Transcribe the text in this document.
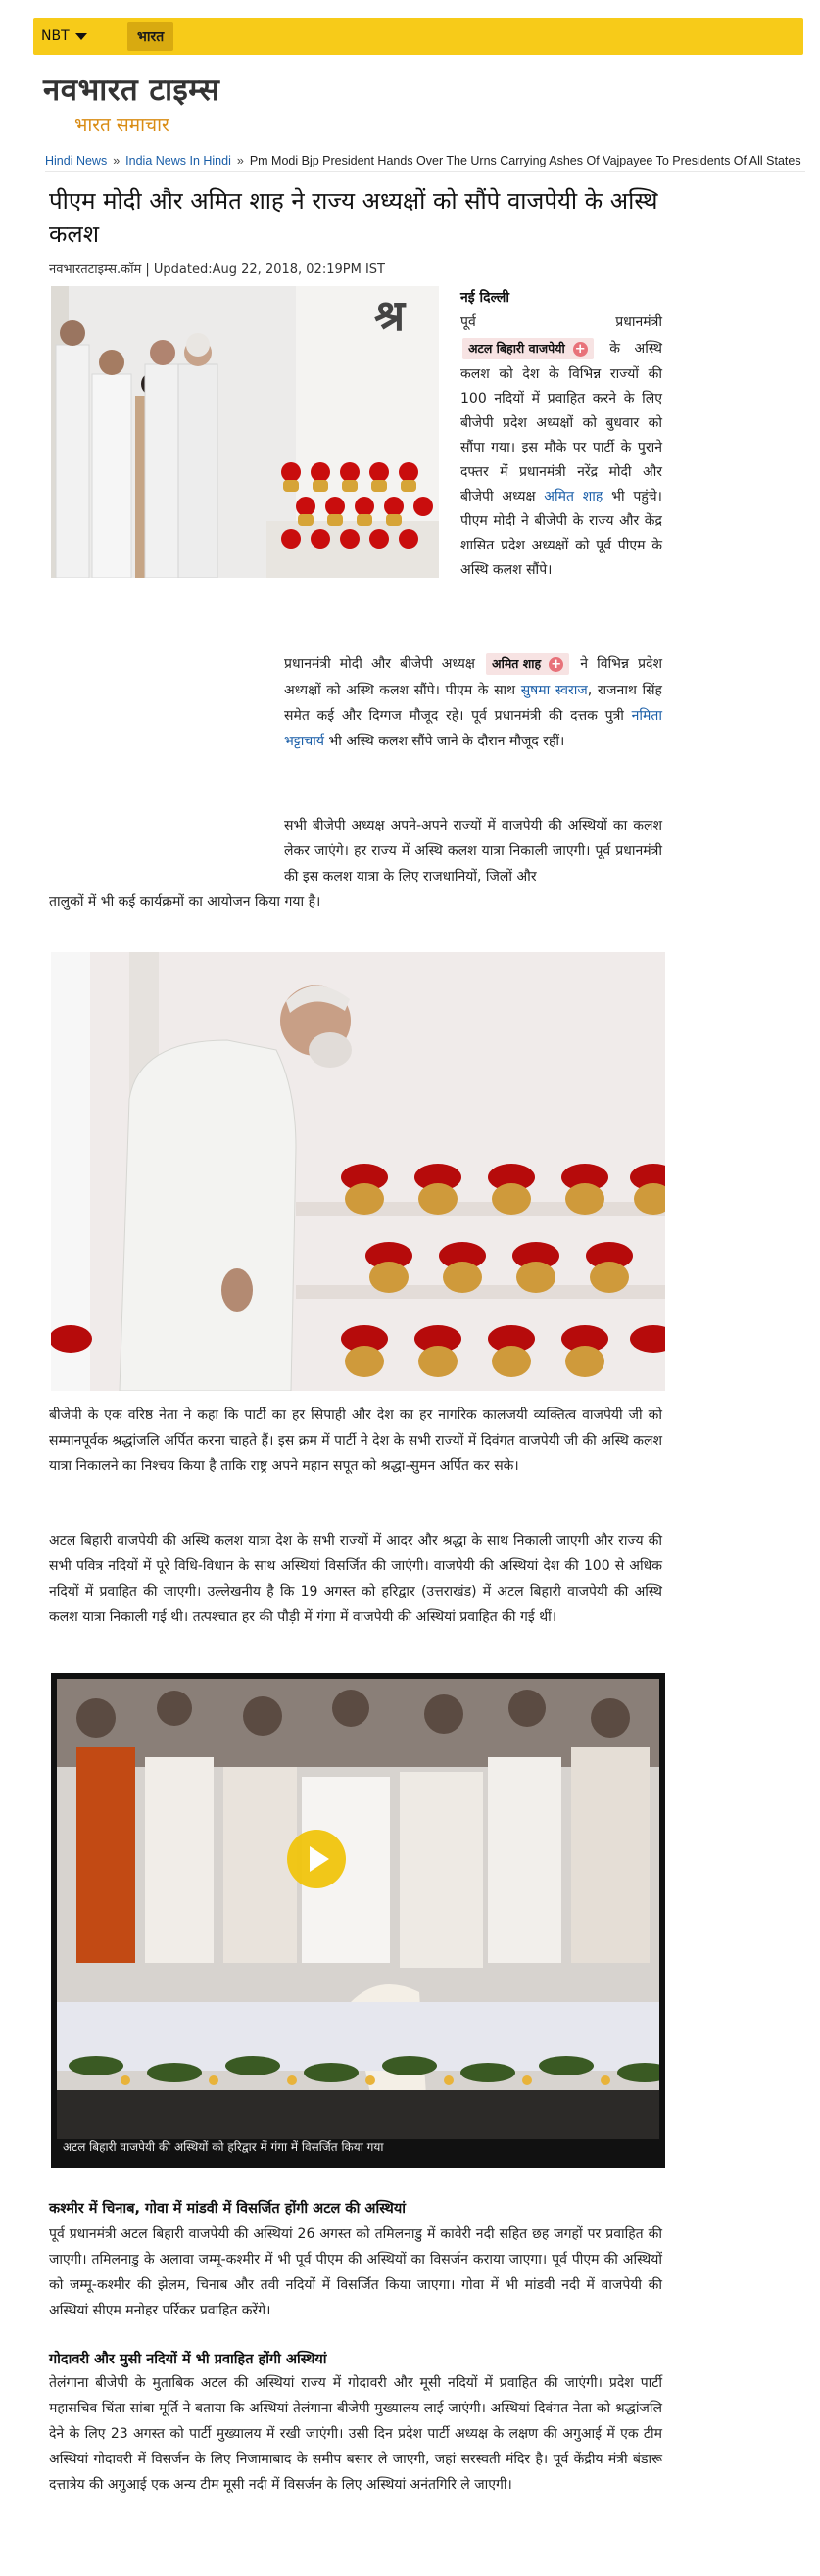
NBT	भारत
नवभारत टाइम्स
भारत समाचार
Hindi News » India News In Hindi » Pm Modi Bjp President Hands Over The Urns Carrying Ashes Of Vajpayee To Presidents Of All States
पीएम मोदी और अमित शाह ने राज्य अध्यक्षों को सौंपे वाजपेयी के अस्थि कलश
नवभारतटाइम्स.कॉम | Updated:Aug 22, 2018, 02:19PM IST
श्र	नई दिल्ली
पूर्व प्रधानमंत्री अटल बिहारी वाजपेयी + के अस्थि कलश को देश के विभिन्न राज्यों की 100 नदियों में प्रवाहित करने के लिए बीजेपी प्रदेश अध्यक्षों को बुधवार को सौंपा गया। इस मौके पर पार्टी के पुराने दफ्तर में प्रधानमंत्री नरेंद्र मोदी और बीजेपी अध्यक्ष अमित शाह भी पहुंचे। पीएम मोदी ने बीजेपी के राज्य और केंद्र शासित प्रदेश अध्यक्षों को पूर्व पीएम के अस्थि कलश सौंपे।
प्रधानमंत्री मोदी और बीजेपी अध्यक्ष अमित शाह + ने विभिन्न प्रदेश अध्यक्षों को अस्थि कलश सौंपे। पीएम के साथ सुषमा स्वराज, राजनाथ सिंह समेत कई और दिग्गज मौजूद रहे। पूर्व प्रधानमंत्री की दत्तक पुत्री नमिता भट्टाचार्य भी अस्थि कलश सौंपे जाने के दौरान मौजूद रहीं।
सभी बीजेपी अध्यक्ष अपने-अपने राज्यों में वाजपेयी की अस्थियों का कलश लेकर जाएंगे। हर राज्य में अस्थि कलश यात्रा निकाली जाएगी। पूर्व प्रधानमंत्री की इस कलश यात्रा के लिए राजधानियों, जिलों और
तालुकों में भी कई कार्यक्रमों का आयोजन किया गया है।
बीजेपी के एक वरिष्ठ नेता ने कहा कि पार्टी का हर सिपाही और देश का हर नागरिक कालजयी व्यक्तित्व वाजपेयी जी को सम्मानपूर्वक श्रद्धांजलि अर्पित करना चाहते हैं। इस क्रम में पार्टी ने देश के सभी राज्यों में दिवंगत वाजपेयी जी की अस्थि कलश यात्रा निकालने का निश्चय किया है ताकि राष्ट्र अपने महान सपूत को श्रद्धा-सुमन अर्पित कर सके।
अटल बिहारी वाजपेयी की अस्थि कलश यात्रा देश के सभी राज्यों में आदर और श्रद्धा के साथ निकाली जाएगी और राज्य की सभी पवित्र नदियों में पूरे विधि-विधान के साथ अस्थियां विसर्जित की जाएंगी। वाजपेयी की अस्थियां देश की 100 से अधिक नदियों में प्रवाहित की जाएगी। उल्लेखनीय है कि 19 अगस्त को हरिद्वार (उत्तराखंड) में अटल बिहारी वाजपेयी की अस्थि कलश यात्रा निकाली गई थी। तत्पश्चात हर की पौड़ी में गंगा में वाजपेयी की अस्थियां प्रवाहित की गई थीं।
अटल बिहारी वाजपेयी की अस्थियों को हरिद्वार में गंगा में विसर्जित किया गया
कश्मीर में चिनाब, गोवा में मांडवी में विसर्जित होंगी अटल की अस्थियां
पूर्व प्रधानमंत्री अटल बिहारी वाजपेयी की अस्थियां 26 अगस्त को तमिलनाडु में कावेरी नदी सहित छह जगहों पर प्रवाहित की जाएगी। तमिलनाडु के अलावा जम्मू-कश्मीर में भी पूर्व पीएम की अस्थियों का विसर्जन कराया जाएगा। पूर्व पीएम की अस्थियों को जम्मू-कश्मीर की झेलम, चिनाब और तवी नदियों में विसर्जित किया जाएगा। गोवा में भी मांडवी नदी में वाजपेयी की अस्थियां सीएम मनोहर पर्रिकर प्रवाहित करेंगे।
गोदावरी और मुसी नदियों में भी प्रवाहित होंगी अस्थियां
तेलंगाना बीजेपी के मुताबिक अटल की अस्थियां राज्य में गोदावरी और मूसी नदियों में प्रवाहित की जाएंगी। प्रदेश पार्टी महासचिव चिंता सांबा मूर्ति ने बताया कि अस्थियां तेलंगाना बीजेपी मुख्यालय लाई जाएंगी। अस्थियां दिवंगत नेता को श्रद्धांजलि देने के लिए 23 अगस्त को पार्टी मुख्यालय में रखी जाएंगी। उसी दिन प्रदेश पार्टी अध्यक्ष के लक्षण की अगुआई में एक टीम अस्थियां गोदावरी में विसर्जन के लिए निजामाबाद के समीप बसार ले जाएगी, जहां सरस्वती मंदिर है। पूर्व केंद्रीय मंत्री बंडारू दत्तात्रेय की अगुआई एक अन्य टीम मूसी नदी में विसर्जन के लिए अस्थियां अनंतगिरि ले जाएगी।
